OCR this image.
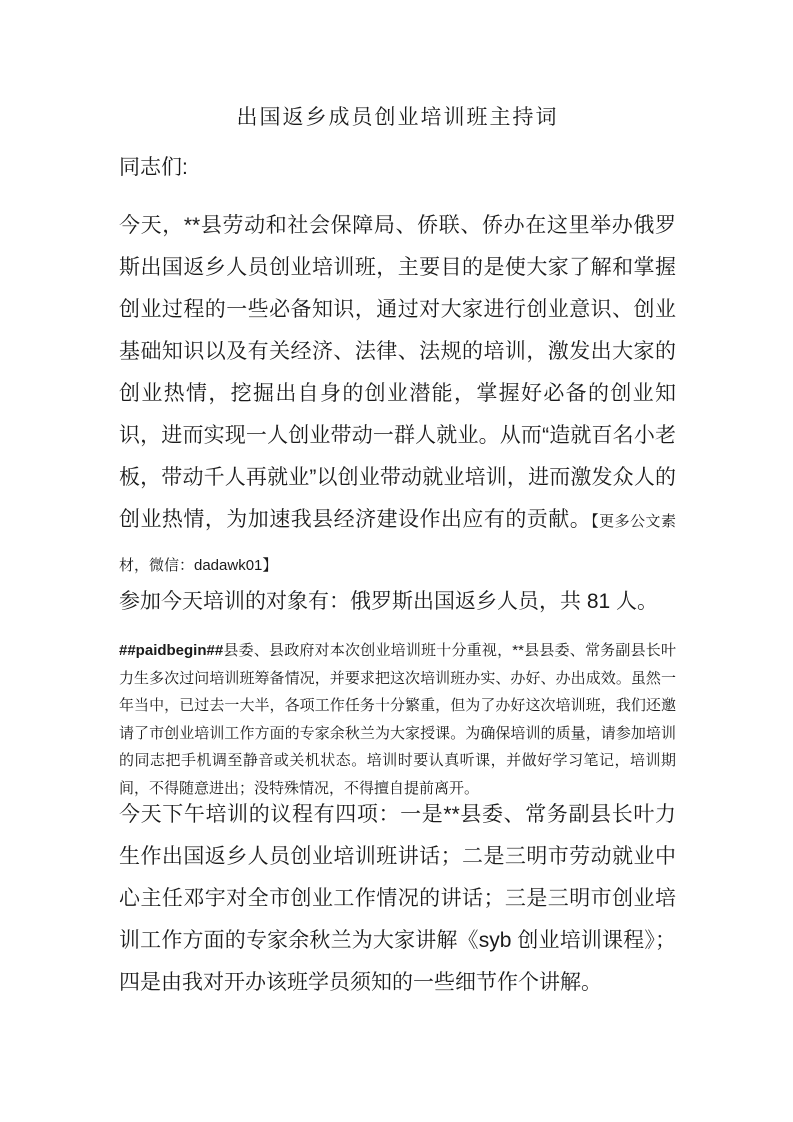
出国返乡成员创业培训班主持词

同志们:

今天，**县劳动和社会保障局、侨联、侨办在这里举办俄罗斯出国返乡人员创业培训班，主要目的是使大家了解和掌握创业过程的一些必备知识，通过对大家进行创业意识、创业基础知识以及有关经济、法律、法规的培训，激发出大家的创业热情，挖掘出自身的创业潜能，掌握好必备的创业知识，进而实现一人创业带动一群人就业。从而“造就百名小老板，带动千人再就业”以创业带动就业培训，进而激发众人的创业热情，为加速我县经济建设作出应有的贡献。【更多公文素 材，微信：dadawk01】

参加今天培训的对象有：俄罗斯出国返乡人员，共 81 人。

##paidbegin##县委、县政府对本次创业培训班十分重视，**县县委、常务副县长叶力生多次过问培训班筹备情况，并要求把这次培训班办实、办好、办出成效。虽然一年当中，已过去一大半，各项工作任务十分繁重，但为了办好这次培训班，我们还邀请了市创业培训工作方面的专家余秋兰为大家授课。为确保培训的质量，请参加培训的同志把手机调至静音或关机状态。培训时要认真听课，并做好学习笔记，培训期间，不得随意进出；没特殊情况，不得擅自提前离开。

今天下午培训的议程有四项：一是**县委、常务副县长叶力生作出国返乡人员创业培训班讲话；二是三明市劳动就业中心主任邓宇对全市创业工作情况的讲话；三是三明市创业培训工作方面的专家余秋兰为大家讲解《syb 创业培训课程》；四是由我对开办该班学员须知的一些细节作个讲解。
